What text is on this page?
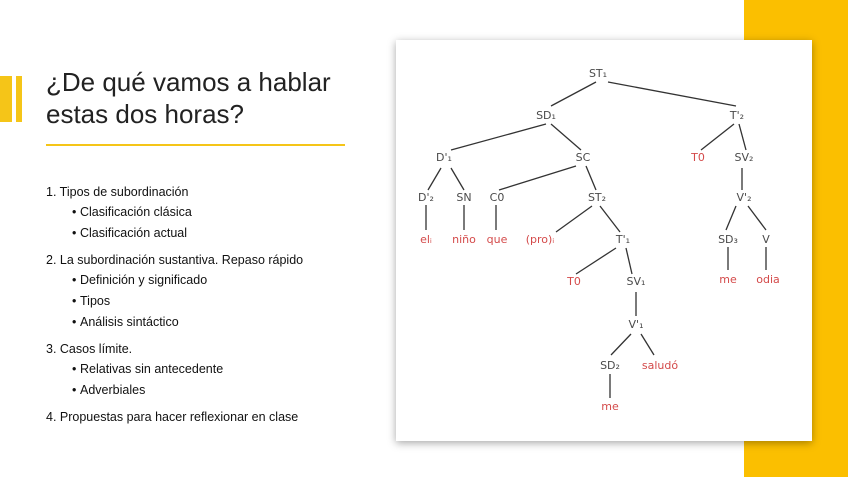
¿De qué vamos a hablar estas dos horas?
1. Tipos de subordinación
• Clasificación clásica
• Clasificación actual
2. La subordinación sustantiva. Repaso rápido
• Definición y significado
• Tipos
• Análisis sintáctico
3. Casos límite.
• Relativas sin antecedente
• Adverbiales
4. Propuestas para hacer reflexionar en clase
ST₁
SD₁	T'₂
D'₁	SC	T0	SV₂
D'₂ SN C0	ST₂	V'₂
T'₁	SD₃ V
T0	SV₁
V'₁
SD₂
elᵢ niño que (pro)ᵢ
me odia
saludó
me
